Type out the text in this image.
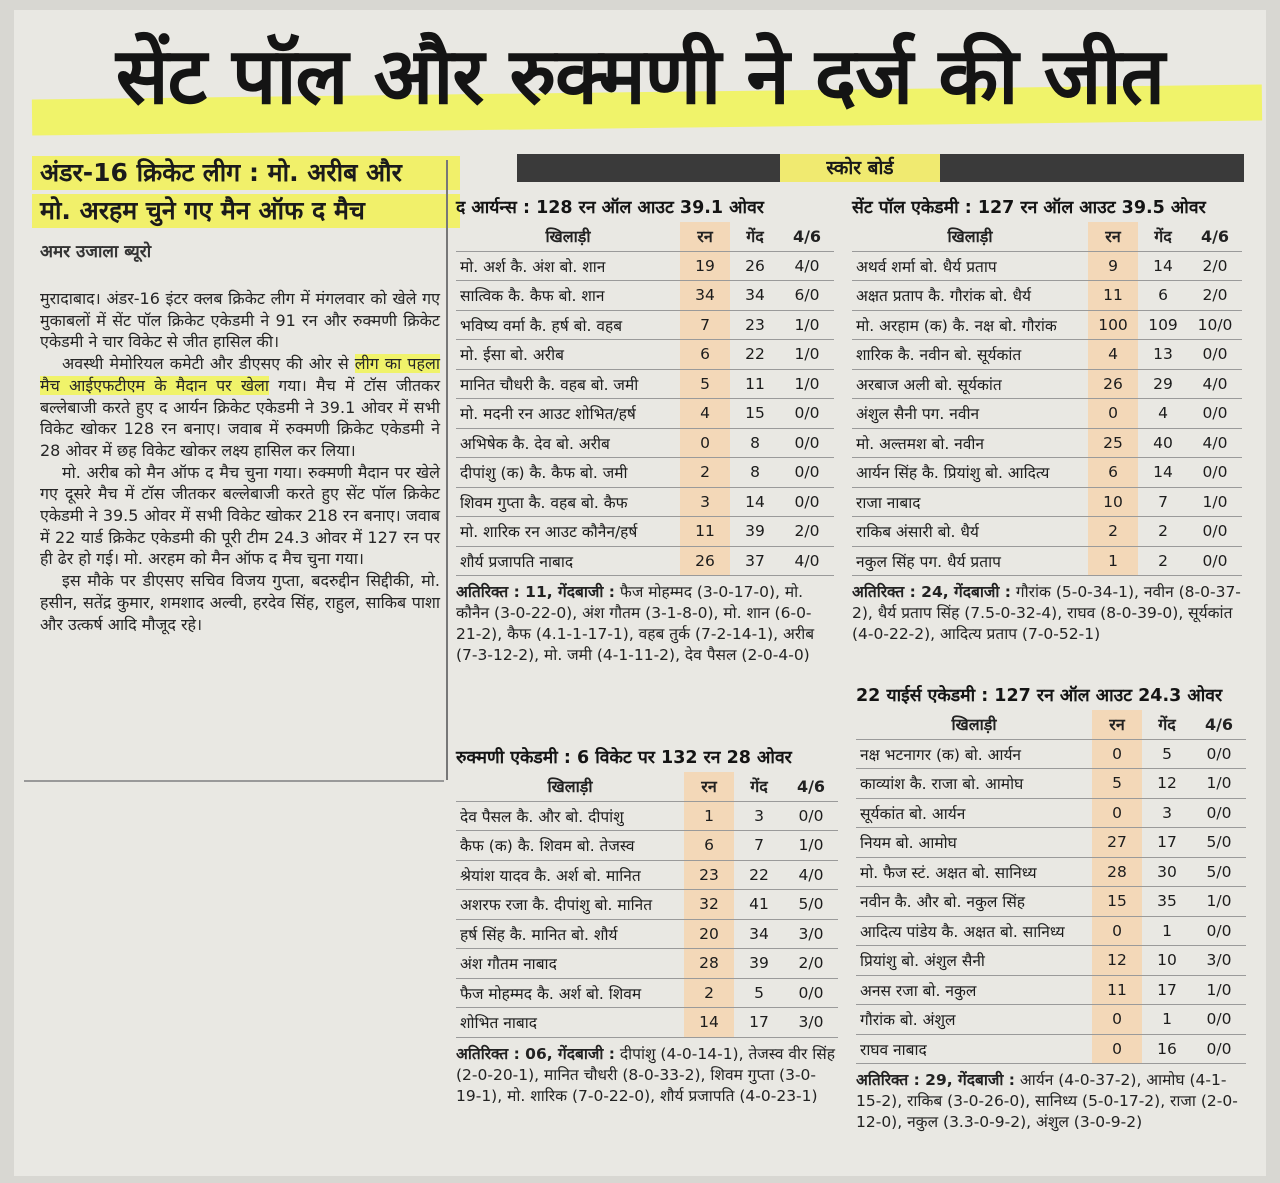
सेंट पॉल और रुक्मणी ने दर्ज की जीत
अंडर-16 क्रिकेट लीग : मो. अरीब और
मो. अरहम चुने गए मैन ऑफ द मैच
अमर उजाला ब्यूरो

मुरादाबाद। अंडर-16 इंटर क्लब क्रिकेट लीग में मंगलवार को खेले गए मुकाबलों में सेंट पॉल क्रिकेट एकेडमी ने 91 रन और रुक्मणी क्रिकेट एकेडमी ने चार विकेट से जीत हासिल की।

अवस्थी मेमोरियल कमेटी और डीएसए की ओर से लीग का पहला मैच आईएफटीएम के मैदान पर खेला गया। मैच में टॉस जीतकर बल्लेबाजी करते हुए द आर्यन क्रिकेट एकेडमी ने 39.1 ओवर में सभी विकेट खोकर 128 रन बनाए। जवाब में रुक्मणी क्रिकेट एकेडमी ने 28 ओवर में छह विकेट खोकर लक्ष्य हासिल कर लिया।

मो. अरीब को मैन ऑफ द मैच चुना गया। रुक्मणी मैदान पर खेले गए दूसरे मैच में टॉस जीतकर बल्लेबाजी करते हुए सेंट पॉल क्रिकेट एकेडमी ने 39.5 ओवर में सभी विकेट खोकर 218 रन बनाए। जवाब में 22 यार्ड क्रिकेट एकेडमी की पूरी टीम 24.3 ओवर में 127 रन पर ही ढेर हो गई। मो. अरहम को मैन ऑफ द मैच चुना गया।

इस मौके पर डीएसए सचिव विजय गुप्ता, बदरुद्दीन सिद्दीकी, मो. हसीन, सतेंद्र कुमार, शमशाद अल्वी, हरदेव सिंह, राहुल, साकिब पाशा और उत्कर्ष आदि मौजूद रहे।

स्कोर बोर्ड
द आर्यन्स : 128 रन ऑल आउट 39.1 ओवर
खिलाड़ी	रन	गेंद	4/6
मो. अर्श कै. अंश बो. शान	19	26	4/0
सात्विक कै. कैफ बो. शान	34	34	6/0
भविष्य वर्मा कै. हर्ष बो. वहब	7	23	1/0
मो. ईसा बो. अरीब	6	22	1/0
मानित चौधरी कै. वहब बो. जमी	5	11	1/0
मो. मदनी रन आउट शोभित/हर्ष	4	15	0/0
अभिषेक कै. देव बो. अरीब	0	8	0/0
दीपांशु (क) कै. कैफ बो. जमी	2	8	0/0
शिवम गुप्ता कै. वहब बो. कैफ	3	14	0/0
मो. शारिक रन आउट कौनैन/हर्ष	11	39	2/0
शौर्य प्रजापति नाबाद	26	37	4/0
अतिरिक्त : 11, गेंदबाजी : फैज मोहम्मद (3-0-17-0), मो. कौनैन (3-0-22-0), अंश गौतम (3-1-8-0), मो. शान (6-0-21-2), कैफ (4.1-1-17-1), वहब तुर्क (7-2-14-1), अरीब (7-3-12-2), मो. जमी (4-1-11-2), देव पैसल (2-0-4-0)
रुक्मणी एकेडमी : 6 विकेट पर 132 रन 28 ओवर
खिलाड़ी	रन	गेंद	4/6
देव पैसल कै. और बो. दीपांशु	1	3	0/0
कैफ (क) कै. शिवम बो. तेजस्व	6	7	1/0
श्रेयांश यादव कै. अर्श बो. मानित	23	22	4/0
अशरफ रजा कै. दीपांशु बो. मानित	32	41	5/0
हर्ष सिंह कै. मानित बो. शौर्य	20	34	3/0
अंश गौतम नाबाद	28	39	2/0
फैज मोहम्मद कै. अर्श बो. शिवम	2	5	0/0
शोभित नाबाद	14	17	3/0
अतिरिक्त : 06, गेंदबाजी : दीपांशु (4-0-14-1), तेजस्व वीर सिंह (2-0-20-1), मानित चौधरी (8-0-33-2), शिवम गुप्ता (3-0-19-1), मो. शारिक (7-0-22-0), शौर्य प्रजापति (4-0-23-1)
सेंट पॉल एकेडमी : 127 रन ऑल आउट 39.5 ओवर
खिलाड़ी	रन	गेंद	4/6
अथर्व शर्मा बो. धैर्य प्रताप	9	14	2/0
अक्षत प्रताप कै. गौरांक बो. धैर्य	11	6	2/0
मो. अरहाम (क) कै. नक्ष बो. गौरांक	100	109	10/0
शारिक कै. नवीन बो. सूर्यकांत	4	13	0/0
अरबाज अली बो. सूर्यकांत	26	29	4/0
अंशुल सैनी पग. नवीन	0	4	0/0
मो. अल्तमश बो. नवीन	25	40	4/0
आर्यन सिंह कै. प्रियांशु बो. आदित्य	6	14	0/0
राजा नाबाद	10	7	1/0
राकिब अंसारी बो. धैर्य	2	2	0/0
नकुल सिंह पग. धैर्य प्रताप	1	2	0/0
अतिरिक्त : 24, गेंदबाजी : गौरांक (5-0-34-1), नवीन (8-0-37-2), धैर्य प्रताप सिंह (7.5-0-32-4), राघव (8-0-39-0), सूर्यकांत (4-0-22-2), आदित्य प्रताप (7-0-52-1)
22 याईर्स एकेडमी : 127 रन ऑल आउट 24.3 ओवर
खिलाड़ी	रन	गेंद	4/6
नक्ष भटनागर (क) बो. आर्यन	0	5	0/0
काव्यांश कै. राजा बो. आमोघ	5	12	1/0
सूर्यकांत बो. आर्यन	0	3	0/0
नियम बो. आमोघ	27	17	5/0
मो. फैज स्टं. अक्षत बो. सानिध्य	28	30	5/0
नवीन कै. और बो. नकुल सिंह	15	35	1/0
आदित्य पांडेय कै. अक्षत बो. सानिध्य	0	1	0/0
प्रियांशु बो. अंशुल सैनी	12	10	3/0
अनस रजा बो. नकुल	11	17	1/0
गौरांक बो. अंशुल	0	1	0/0
राघव नाबाद	0	16	0/0
अतिरिक्त : 29, गेंदबाजी : आर्यन (4-0-37-2), आमोघ (4-1-15-2), राकिब (3-0-26-0), सानिध्य (5-0-17-2), राजा (2-0-12-0), नकुल (3.3-0-9-2), अंशुल (3-0-9-2)
